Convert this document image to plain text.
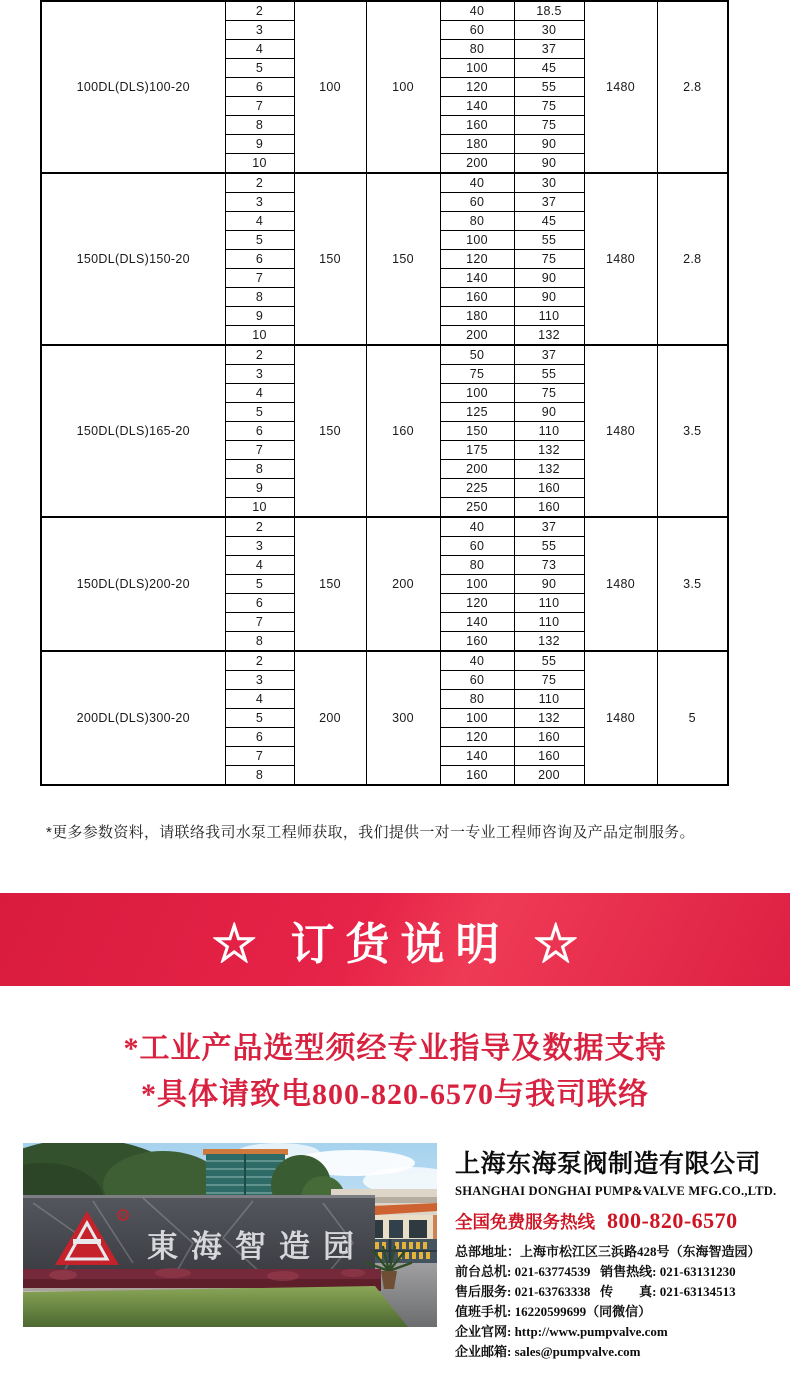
100DL(DLS)100-20	2	100	100	40	18.5	1480	2.8
	3			60	30		
	4			80	37		
	5			100	45		
	6			120	55		
	7			140	75		
	8			160	75		
	9			180	90		
	10			200	90		
150DL(DLS)150-20	2	150	150	40	30	1480	2.8
	3			60	37		
	4			80	45		
	5			100	55		
	6			120	75		
	7			140	90		
	8			160	90		
	9			180	110		
	10			200	132		
150DL(DLS)165-20	2	150	160	50	37	1480	3.5
	3			75	55		
	4			100	75		
	5			125	90		
	6			150	110		
	7			175	132		
	8			200	132		
	9			225	160		
	10			250	160		
150DL(DLS)200-20	2	150	200	40	37	1480	3.5
	3			60	55		
	4			80	73		
	5			100	90		
	6			120	110		
	7			140	110		
	8			160	132		
200DL(DLS)300-20	2	200	300	40	55	1480	5
	3			60	75		
	4			80	110		
	5			100	132		
	6			120	160		
	7			140	160		
	8			160	200		
*更多参数资料，请联络我司水泵工程师获取，我们提供一对一专业工程师咨询及产品定制服务。
☆ 订货说明 ☆
*工业产品选型须经专业指导及数据支持
*具体请致电800-820-6570与我司联络
R
東海智造园
上海东海泵阀制造有限公司
SHANGHAI DONGHAI PUMP&VALVE MFG.CO.,LTD.
全国免费服务热线 800-820-6570
总部地址：上海市松江区三浜路428号（东海智造园）
前台总机: 021-63774539   销售热线: 021-63131230
售后服务: 021-63763338   传　　真: 021-63134513
值班手机: 16220599699（同微信）
企业官网: http://www.pumpvalve.com
企业邮箱: sales@pumpvalve.com
